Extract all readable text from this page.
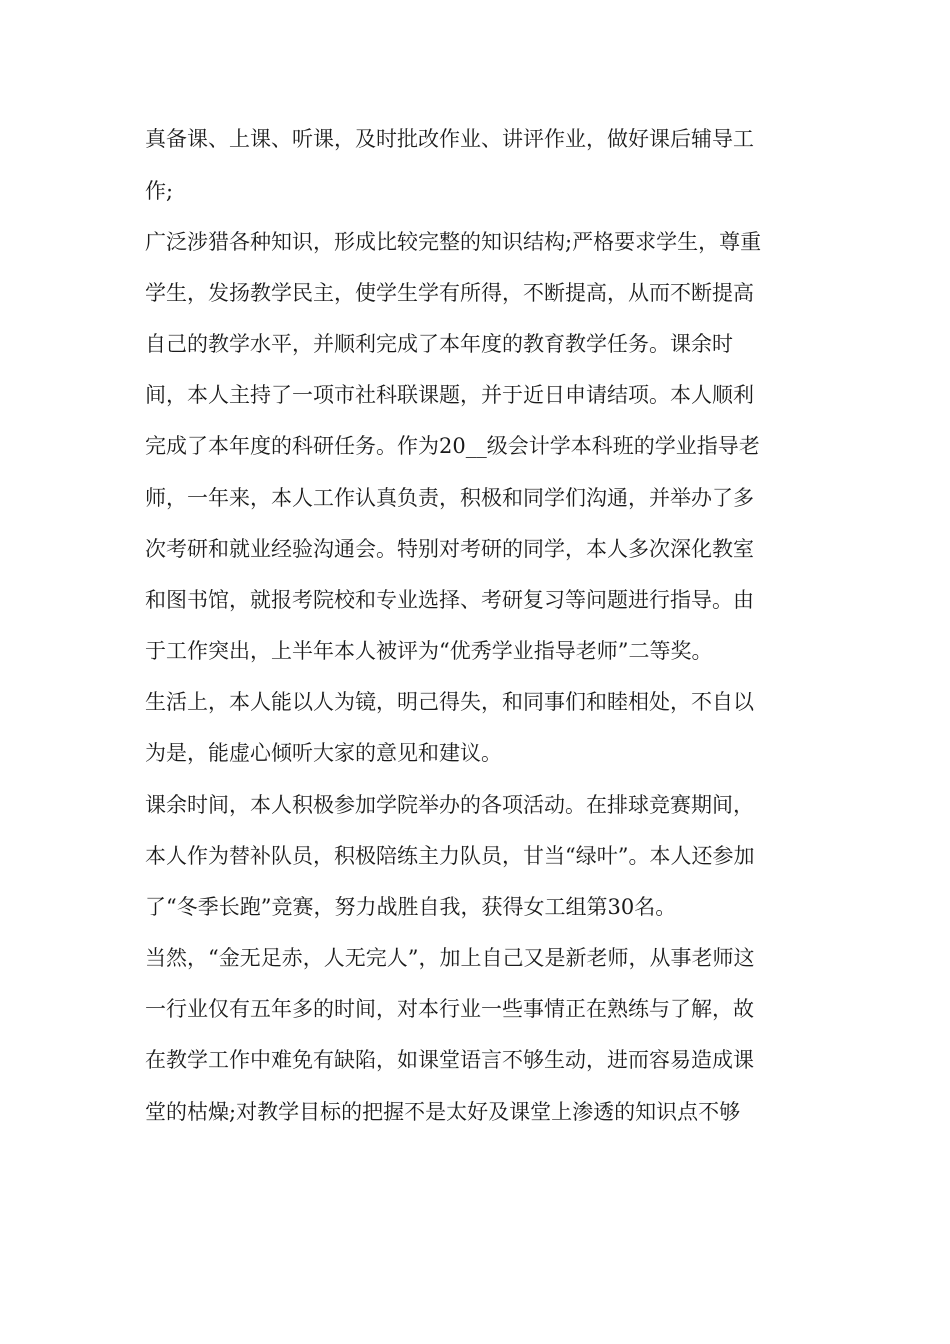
真备课、上课、听课，及时批改作业、讲评作业，做好课后辅导工
作;
广泛涉猎各种知识，形成比较完整的知识结构;严格要求学生，尊重
学生，发扬教学民主，使学生学有所得，不断提高，从而不断提高
自己的教学水平，并顺利完成了本年度的教育教学任务。课余时
间，本人主持了一项市社科联课题，并于近日申请结项。本人顺利
完成了本年度的科研任务。作为20__级会计学本科班的学业指导老
师，一年来，本人工作认真负责，积极和同学们沟通，并举办了多
次考研和就业经验沟通会。特别对考研的同学，本人多次深化教室
和图书馆，就报考院校和专业选择、考研复习等问题进行指导。由
于工作突出，上半年本人被评为“优秀学业指导老师”二等奖。
生活上，本人能以人为镜，明己得失，和同事们和睦相处，不自以
为是，能虚心倾听大家的意见和建议。
课余时间，本人积极参加学院举办的各项活动。在排球竞赛期间，
本人作为替补队员，积极陪练主力队员，甘当“绿叶”。本人还参加
了“冬季长跑”竞赛，努力战胜自我，获得女工组第30名。
当然，“金无足赤，人无完人”，加上自己又是新老师，从事老师这
一行业仅有五年多的时间，对本行业一些事情正在熟练与了解，故
在教学工作中难免有缺陷，如课堂语言不够生动，进而容易造成课
堂的枯燥;对教学目标的把握不是太好及课堂上渗透的知识点不够
